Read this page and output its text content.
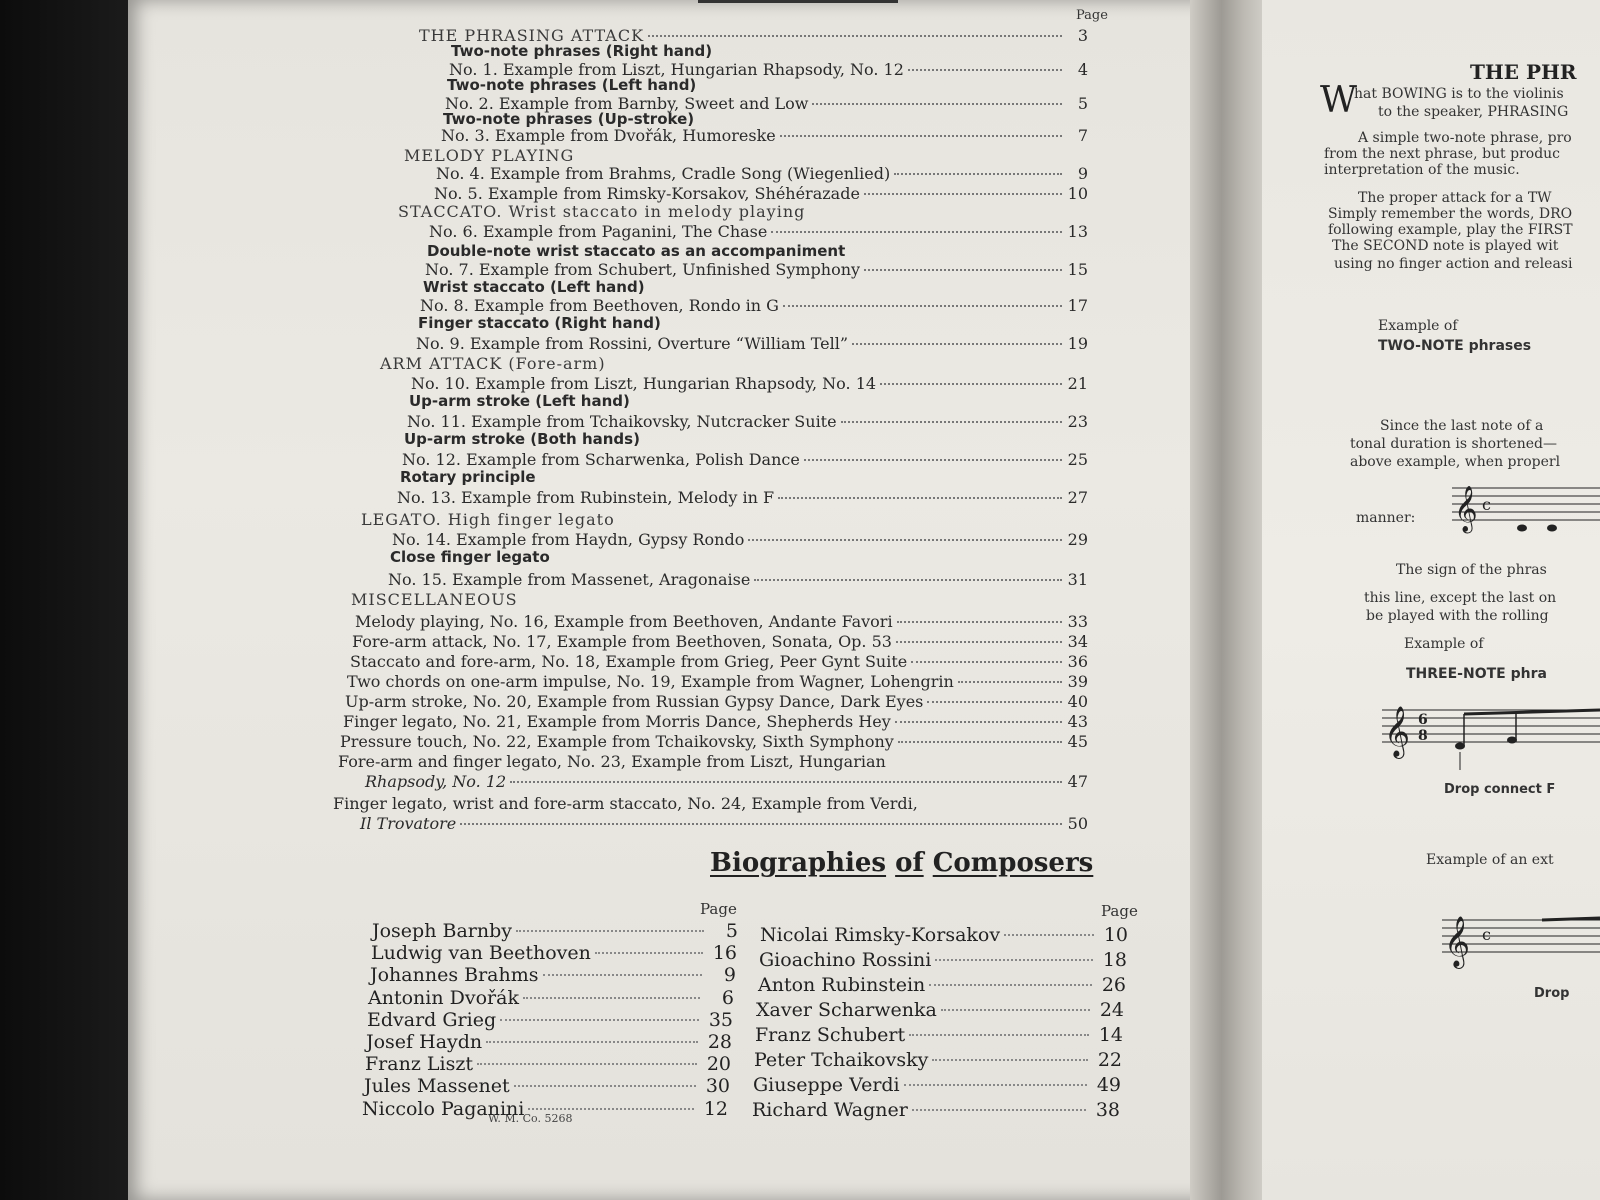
Page
THE PHRASING ATTACK	3
Two-note phrases (Right hand)
No. 1. Example from Liszt, Hungarian Rhapsody, No. 12	4
Two-note phrases (Left hand)
No. 2. Example from Barnby, Sweet and Low	5
Two-note phrases (Up-stroke)
No. 3. Example from Dvořák, Humoreske	7
MELODY PLAYING
No. 4. Example from Brahms, Cradle Song (Wiegenlied)	9
No. 5. Example from Rimsky-Korsakov, Shéhérazade	10
STACCATO. Wrist staccato in melody playing
No. 6. Example from Paganini, The Chase	13
Double-note wrist staccato as an accompaniment
No. 7. Example from Schubert, Unfinished Symphony	15
Wrist staccato (Left hand)
No. 8. Example from Beethoven, Rondo in G	17
Finger staccato (Right hand)
No. 9. Example from Rossini, Overture “William Tell”	19
ARM ATTACK (Fore-arm)
No. 10. Example from Liszt, Hungarian Rhapsody, No. 14	21
Up-arm stroke (Left hand)
No. 11. Example from Tchaikovsky, Nutcracker Suite	23
Up-arm stroke (Both hands)
No. 12. Example from Scharwenka, Polish Dance	25
Rotary principle
No. 13. Example from Rubinstein, Melody in F	27
LEGATO. High finger legato
No. 14. Example from Haydn, Gypsy Rondo	29
Close finger legato
No. 15. Example from Massenet, Aragonaise	31
MISCELLANEOUS
Melody playing, No. 16, Example from Beethoven, Andante Favori	33
Fore-arm attack, No. 17, Example from Beethoven, Sonata, Op. 53	34
Staccato and fore-arm, No. 18, Example from Grieg, Peer Gynt Suite	36
Two chords on one-arm impulse, No. 19, Example from Wagner, Lohengrin	39
Up-arm stroke, No. 20, Example from Russian Gypsy Dance, Dark Eyes	40
Finger legato, No. 21, Example from Morris Dance, Shepherds Hey	43
Pressure touch, No. 22, Example from Tchaikovsky, Sixth Symphony	45
Fore-arm and finger legato, No. 23, Example from Liszt, Hungarian
Rhapsody, No. 12	47
Finger legato, wrist and fore-arm staccato, No. 24, Example from Verdi,
Il Trovatore	50
Biographies of Composers
Page	Page
W. M. Co. 5268
Joseph Barnby	5
Ludwig van Beethoven	16
Johannes Brahms	9
Antonin Dvořák	6
Edvard Grieg	35
Josef Haydn	28
Franz Liszt	20
Jules Massenet	30
Niccolo Paganini	12
Nicolai Rimsky-Korsakov	10
Gioachino Rossini	18
Anton Rubinstein	26
Xaver Scharwenka	24
Franz Schubert	14
Peter Tchaikovsky	22
Giuseppe Verdi	49
Richard Wagner	38
THE PHR
W
hat BOWING is to the violinis
to the speaker, PHRASING
A simple two-note phrase, pro
from the next phrase, but produc
interpretation of the music.
The proper attack for a TW
Simply remember the words, DRO
following example, play the FIRST
The SECOND note is played wit
using no finger action and releasi
Example of
TWO-NOTE phrases
Since the last note of a
tonal duration is shortened—
above example, when properl
manner: 𝄞 c
The sign of the phras
this line, except the last on
be played with the rolling
Example of
THREE-NOTE phra
𝄞 6
8
Drop connect F
Example of an ext
𝄞 c
Drop
